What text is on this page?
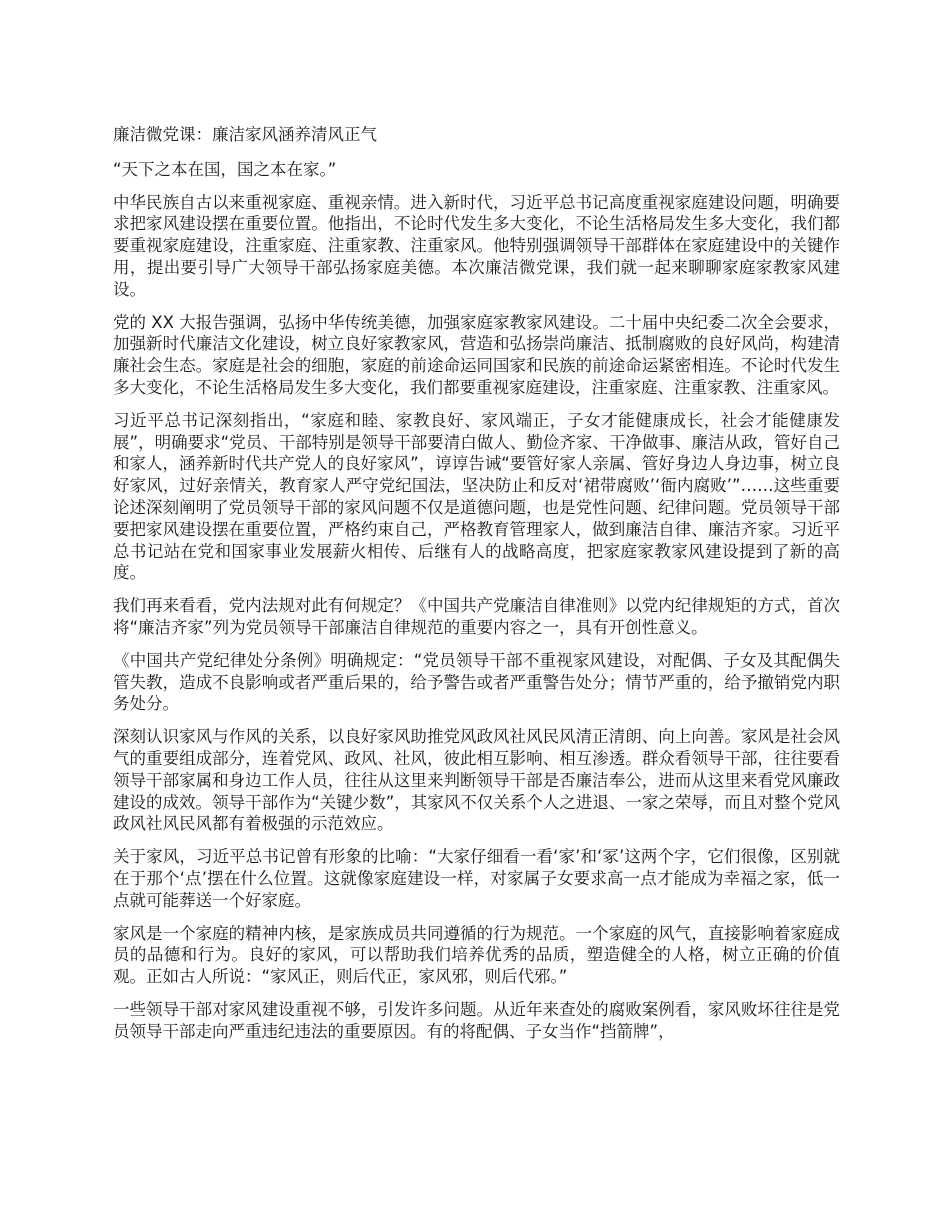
廉洁微党课：廉洁家风涵养清风正气

“天下之本在国，国之本在家。”

中华民族自古以来重视家庭、重视亲情。进入新时代，习近平总书记高度重视家庭建设问题，明确要求把家风建设摆在重要位置。他指出，不论时代发生多大变化，不论生活格局发生多大变化，我们都要重视家庭建设，注重家庭、注重家教、注重家风。他特别强调领导干部群体在家庭建设中的关键作用，提出要引导广大领导干部弘扬家庭美德。本次廉洁微党课，我们就一起来聊聊家庭家教家风建设。

党的 XX 大报告强调，弘扬中华传统美德，加强家庭家教家风建设。二十届中央纪委二次全会要求，加强新时代廉洁文化建设，树立良好家教家风，营造和弘扬崇尚廉洁、抵制腐败的良好风尚，构建清廉社会生态。家庭是社会的细胞，家庭的前途命运同国家和民族的前途命运紧密相连。不论时代发生多大变化，不论生活格局发生多大变化，我们都要重视家庭建设，注重家庭、注重家教、注重家风。

习近平总书记深刻指出，“家庭和睦、家教良好、家风端正，子女才能健康成长，社会才能健康发展”，明确要求“党员、干部特别是领导干部要清白做人、勤俭齐家、干净做事、廉洁从政，管好自己和家人，涵养新时代共产党人的良好家风”，谆谆告诫“要管好家人亲属、管好身边人身边事，树立良好家风，过好亲情关，教育家人严守党纪国法，坚决防止和反对‘裙带腐败’‘衙内腐败’”……这些重要论述深刻阐明了党员领导干部的家风问题不仅是道德问题，也是党性问题、纪律问题。党员领导干部要把家风建设摆在重要位置，严格约束自己，严格教育管理家人，做到廉洁自律、廉洁齐家。习近平总书记站在党和国家事业发展薪火相传、后继有人的战略高度，把家庭家教家风建设提到了新的高度。

我们再来看看，党内法规对此有何规定？《中国共产党廉洁自律准则》以党内纪律规矩的方式，首次将“廉洁齐家”列为党员领导干部廉洁自律规范的重要内容之一，具有开创性意义。

《中国共产党纪律处分条例》明确规定：“党员领导干部不重视家风建设，对配偶、子女及其配偶失管失教，造成不良影响或者严重后果的，给予警告或者严重警告处分；情节严重的，给予撤销党内职务处分。

深刻认识家风与作风的关系，以良好家风助推党风政风社风民风清正清朗、向上向善。家风是社会风气的重要组成部分，连着党风、政风、社风，彼此相互影响、相互渗透。群众看领导干部，往往要看领导干部家属和身边工作人员，往往从这里来判断领导干部是否廉洁奉公，进而从这里来看党风廉政建设的成效。领导干部作为“关键少数”，其家风不仅关系个人之进退、一家之荣辱，而且对整个党风政风社风民风都有着极强的示范效应。

关于家风，习近平总书记曾有形象的比喻：“大家仔细看一看‘家’和‘冢’这两个字，它们很像，区别就在于那个‘点’摆在什么位置。这就像家庭建设一样，对家属子女要求高一点才能成为幸福之家，低一点就可能葬送一个好家庭。

家风是一个家庭的精神内核，是家族成员共同遵循的行为规范。一个家庭的风气，直接影响着家庭成员的品德和行为。良好的家风，可以帮助我们培养优秀的品质，塑造健全的人格，树立正确的价值观。正如古人所说：“家风正，则后代正，家风邪，则后代邪。”

一些领导干部对家风建设重视不够，引发许多问题。从近年来查处的腐败案例看，家风败坏往往是党员领导干部走向严重违纪违法的重要原因。有的将配偶、子女当作“挡箭牌”，
